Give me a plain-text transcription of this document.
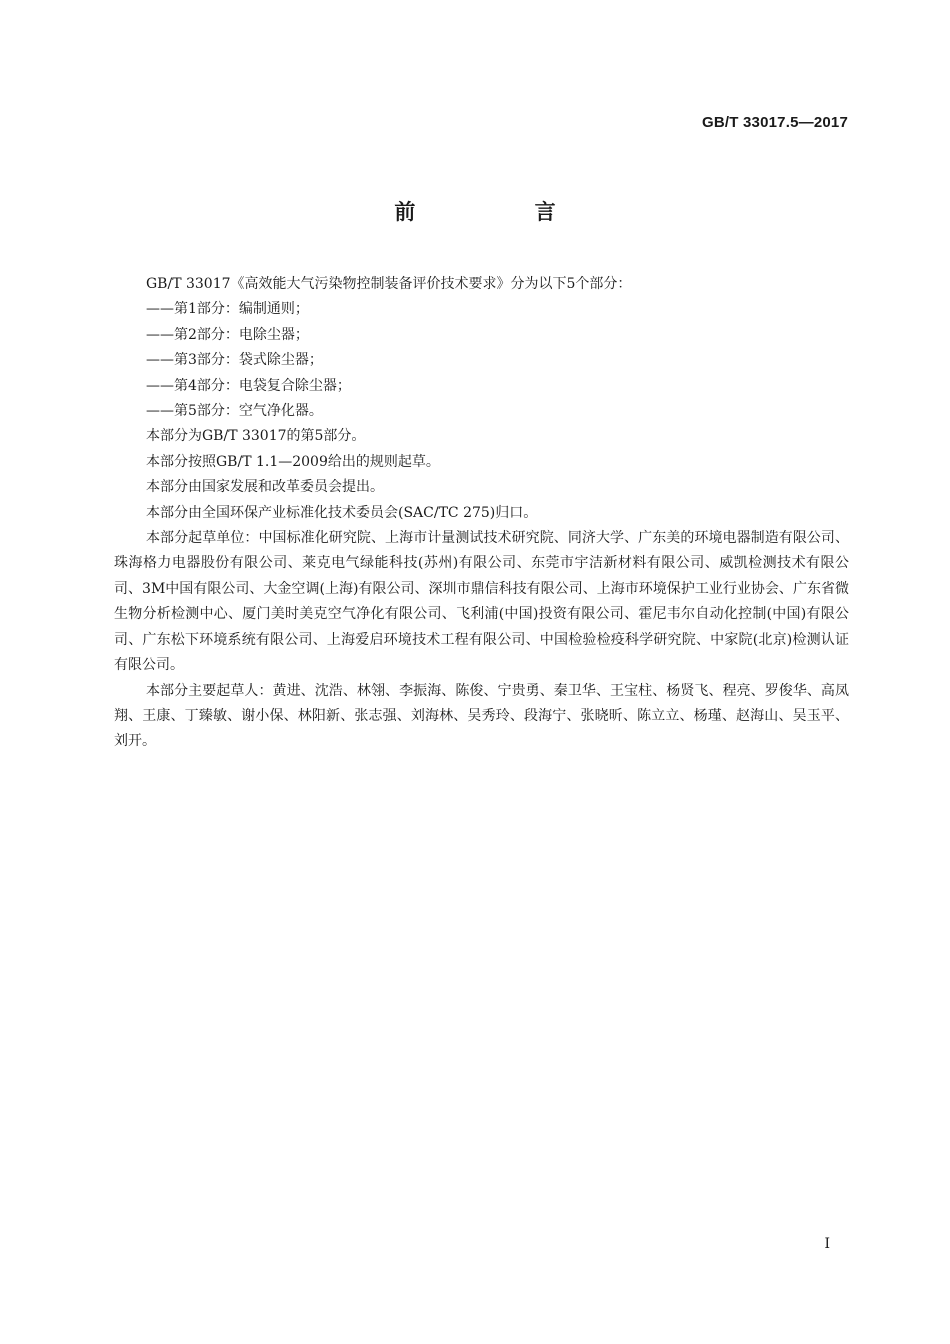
GB/T 33017.5—2017
前 言

GB/T 33017《高效能大气污染物控制装备评价技术要求》分为以下5个部分：

——第1部分：编制通则；

——第2部分：电除尘器；

——第3部分：袋式除尘器；

——第4部分：电袋复合除尘器；

——第5部分：空气净化器。

本部分为GB/T 33017的第5部分。

本部分按照GB/T 1.1—2009给出的规则起草。

本部分由国家发展和改革委员会提出。

本部分由全国环保产业标准化技术委员会(SAC/TC 275)归口。

本部分起草单位：中国标准化研究院、上海市计量测试技术研究院、同济大学、广东美的环境电器制造有限公司、珠海格力电器股份有限公司、莱克电气绿能科技(苏州)有限公司、东莞市宇洁新材料有限公司、威凯检测技术有限公司、3M中国有限公司、大金空调(上海)有限公司、深圳市鼎信科技有限公司、上海市环境保护工业行业协会、广东省微生物分析检测中心、厦门美时美克空气净化有限公司、飞利浦(中国)投资有限公司、霍尼韦尔自动化控制(中国)有限公司、广东松下环境系统有限公司、上海爱启环境技术工程有限公司、中国检验检疫科学研究院、中家院(北京)检测认证有限公司。

本部分主要起草人：黄进、沈浩、林翎、李振海、陈俊、宁贵勇、秦卫华、王宝柱、杨贤飞、程亮、罗俊华、高凤翔、王康、丁臻敏、谢小保、林阳新、张志强、刘海林、吴秀玲、段海宁、张晓昕、陈立立、杨瑾、赵海山、吴玉平、刘开。

I
